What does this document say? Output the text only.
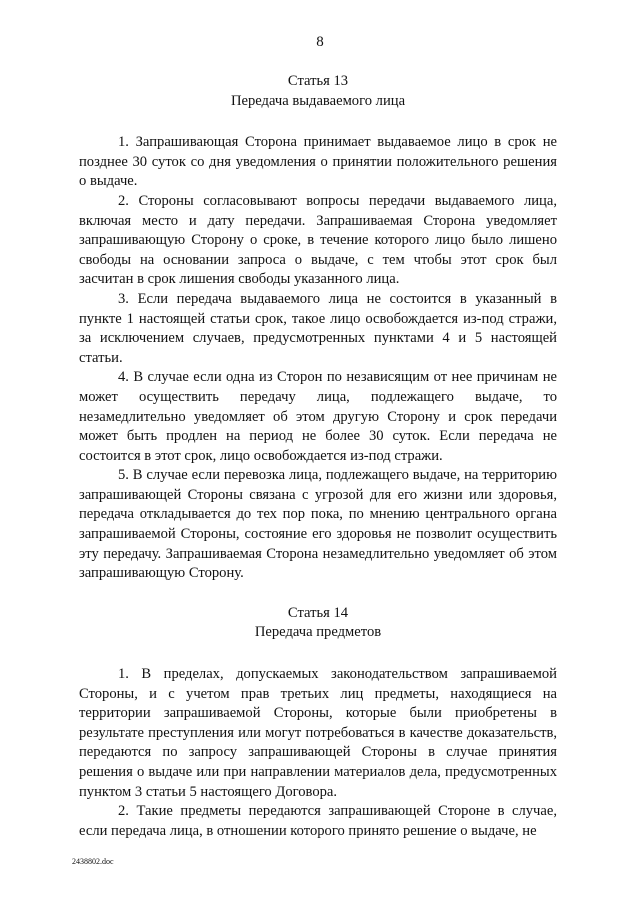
8
Статья 13
Передача выдаваемого лица

1. Запрашивающая Сторона принимает выдаваемое лицо в срок не позднее 30 суток со дня уведомления о принятии положительного решения о выдаче.

2. Стороны согласовывают вопросы передачи выдаваемого лица, включая место и дату передачи. Запрашиваемая Сторона уведомляет запрашивающую Сторону о сроке, в течение которого лицо было лишено свободы на основании запроса о выдаче, с тем чтобы этот срок был засчитан в срок лишения свободы указанного лица.

3. Если передача выдаваемого лица не состоится в указанный в пункте 1 настоящей статьи срок, такое лицо освобождается из-под стражи, за исключением случаев, предусмотренных пунктами 4 и 5 настоящей статьи.

4. В случае если одна из Сторон по независящим от нее причинам не может осуществить передачу лица, подлежащего выдаче, то незамедлительно уведомляет об этом другую Сторону и срок передачи может быть продлен на период не более 30 суток. Если передача не состоится в этот срок, лицо освобождается из-под стражи.

5. В случае если перевозка лица, подлежащего выдаче, на территорию запрашивающей Стороны связана с угрозой для его жизни или здоровья, передача откладывается до тех пор пока, по мнению центрального органа запрашиваемой Стороны, состояние его здоровья не позволит осуществить эту передачу. Запрашиваемая Сторона незамедлительно уведомляет об этом запрашивающую Сторону.

Статья 14
Передача предметов

1. В пределах, допускаемых законодательством запрашиваемой Стороны, и с учетом прав третьих лиц предметы, находящиеся на территории запрашиваемой Стороны, которые были приобретены в результате преступления или могут потребоваться в качестве доказательств, передаются по запросу запрашивающей Стороны в случае принятия решения о выдаче или при направлении материалов дела, предусмотренных пунктом 3 статьи 5 настоящего Договора.

2. Такие предметы передаются запрашивающей Стороне в случае, если передача лица, в отношении которого принято решение о выдаче, не

2438802.doc
